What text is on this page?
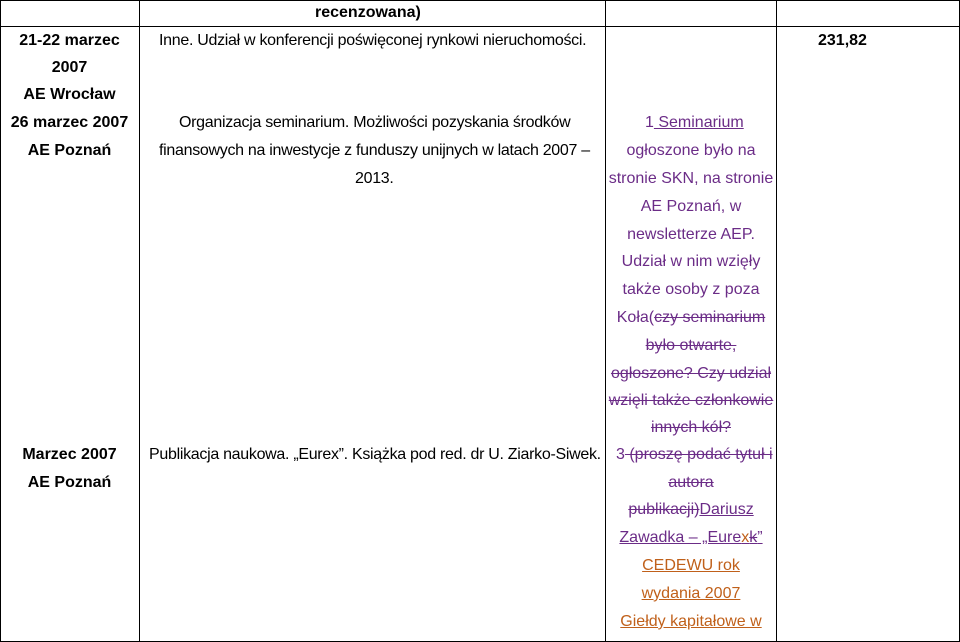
recenzowana)
21-22 marzec
2007
AE Wrocław
Inne. Udział w konferencji poświęconej rynkowi nieruchomości.	231,82
26 marzec 2007
AE Poznań
Organizacja seminarium. Możliwości pozyskania środków
finansowych na inwestycje z funduszy unijnych w latach 2007 –
2013.
1 Seminarium
ogłoszone było na
stronie SKN, na stronie
AE Poznań, w
newsletterze AEP.
Udział w nim wzięły
także osoby z poza
Koła(czy seminarium
było otwarte,
ogłoszone? Czy udział
wzięli także członkowie
innych kół?
Marzec 2007
AE Poznań
Publikacja naukowa. „Eurex”. Książka pod red. dr U. Ziarko-Siwek. 3 (proszę podać tytuł i
autora
publikacji)Dariusz
Zawadka – „Eurexk”
CEDEWU rok
wydania 2007
Giełdy kapitałowe w
